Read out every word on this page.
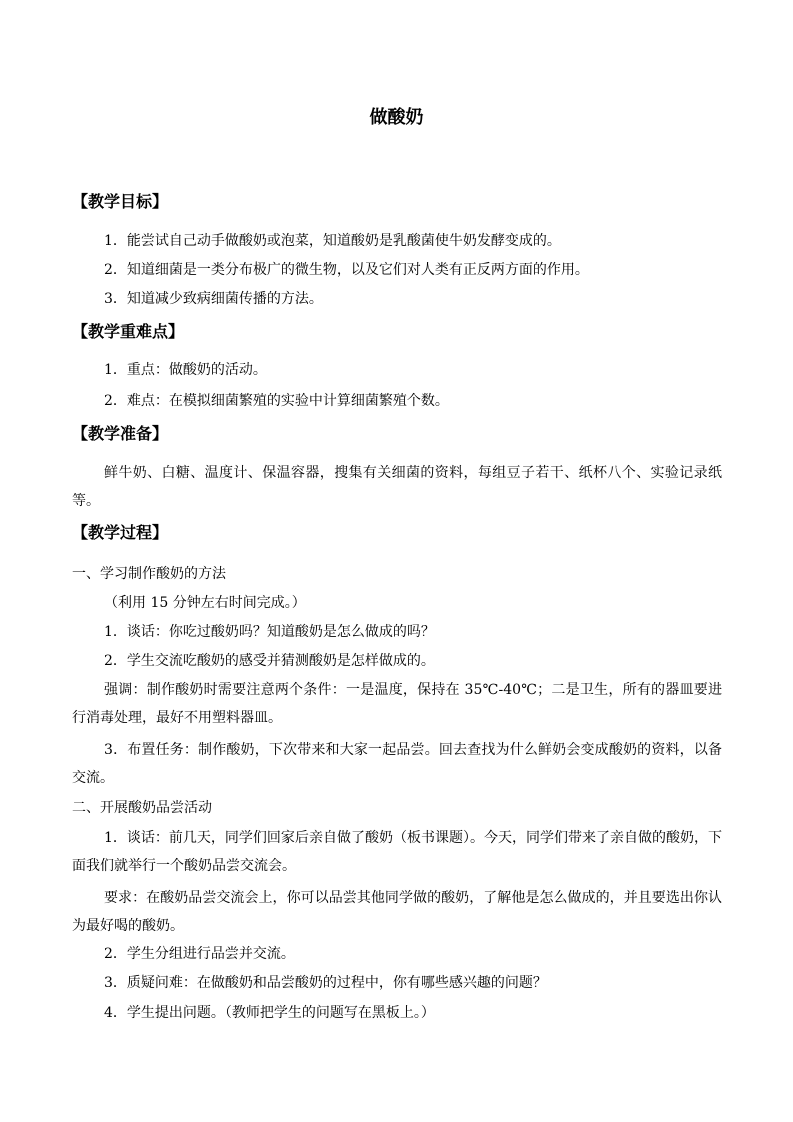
做酸奶
【教学目标】
1．能尝试自己动手做酸奶或泡菜，知道酸奶是乳酸菌使牛奶发酵变成的。
2．知道细菌是一类分布极广的微生物，以及它们对人类有正反两方面的作用。
3．知道减少致病细菌传播的方法。
【教学重难点】
1．重点：做酸奶的活动。
2．难点：在模拟细菌繁殖的实验中计算细菌繁殖个数。
【教学准备】
鲜牛奶、白糖、温度计、保温容器，搜集有关细菌的资料，每组豆子若干、纸杯八个、实验记录纸等。
【教学过程】
一、学习制作酸奶的方法
（利用 15 分钟左右时间完成。）
1．谈话：你吃过酸奶吗？知道酸奶是怎么做成的吗？
2．学生交流吃酸奶的感受并猜测酸奶是怎样做成的。
强调：制作酸奶时需要注意两个条件：一是温度，保持在 35℃-40℃；二是卫生，所有的器皿要进行消毒处理，最好不用塑料器皿。
3．布置任务：制作酸奶，下次带来和大家一起品尝。回去查找为什么鲜奶会变成酸奶的资料，以备交流。
二、开展酸奶品尝活动
1．谈话：前几天，同学们回家后亲自做了酸奶（板书课题）。今天，同学们带来了亲自做的酸奶，下面我们就举行一个酸奶品尝交流会。
要求：在酸奶品尝交流会上，你可以品尝其他同学做的酸奶，了解他是怎么做成的，并且要选出你认为最好喝的酸奶。
2．学生分组进行品尝并交流。
3．质疑问难：在做酸奶和品尝酸奶的过程中，你有哪些感兴趣的问题？
4．学生提出问题。（教师把学生的问题写在黑板上。）
